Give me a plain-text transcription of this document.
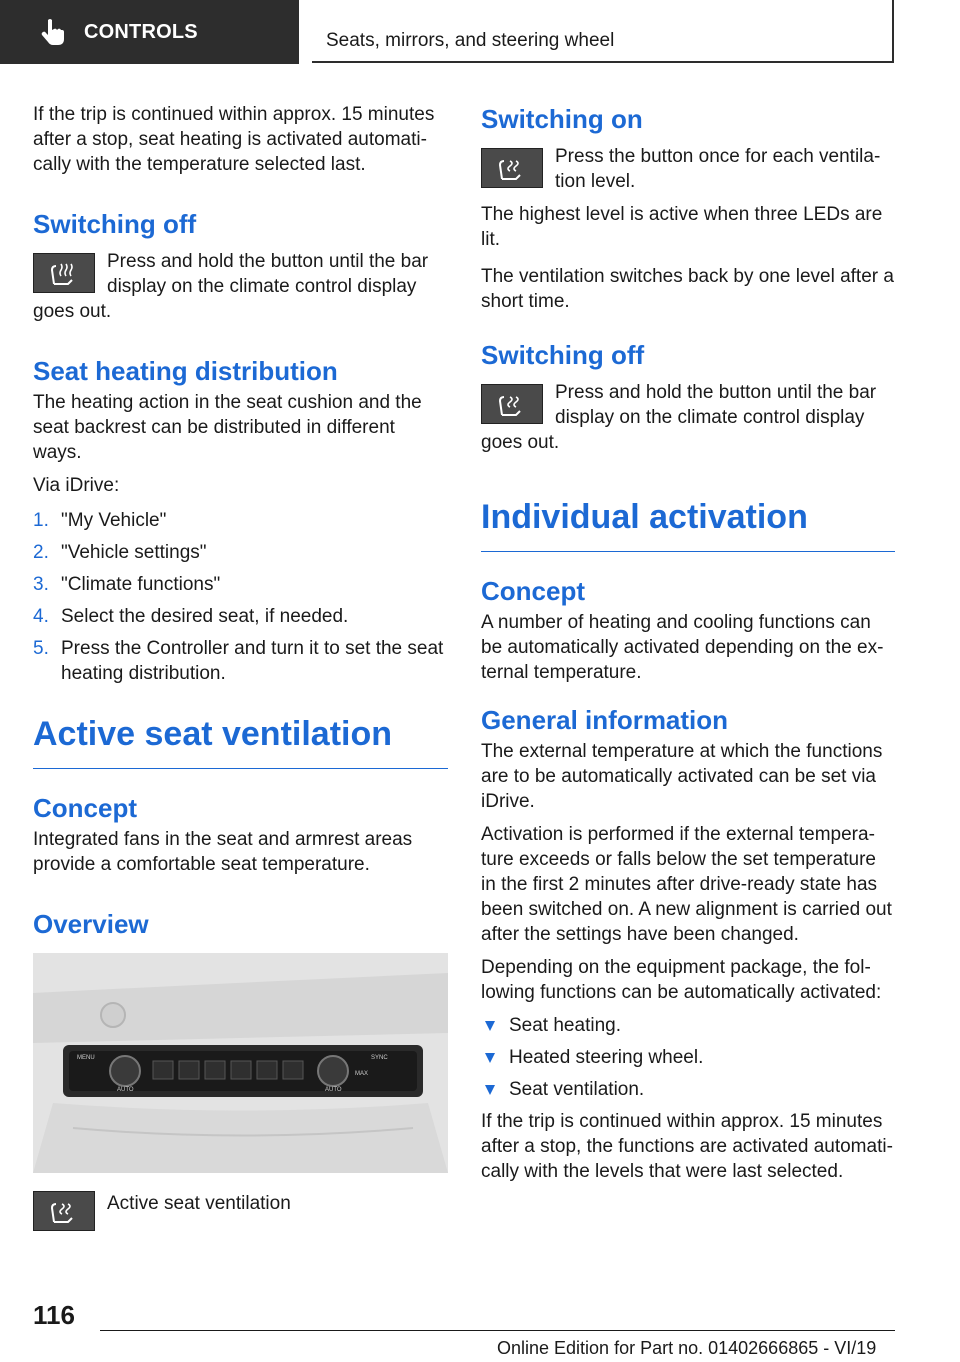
CONTROLS	Seats, mirrors, and steering wheel

If the trip is continued within approx. 15 minutes after a stop, seat heating is activated automati-cally with the temperature selected last.

Switching off

Press and hold the button until the bar display on the climate control display

goes out.

Seat heating distribution

The heating action in the seat cushion and the seat backrest can be distributed in different ways.

Via iDrive:

1. "My Vehicle"
2. "Vehicle settings"
3. "Climate functions"
4. Select the desired seat, if needed.
5. Press the Controller and turn it to set the seat heating distribution.
Active seat ventilation
Concept

Integrated fans in the seat and armrest areas provide a comfortable seat temperature.

Overview
MENU
AUTO
MAX
SYNC
AUTO

Active seat ventilation

Switching on

Press the button once for each ventila-tion level.

The highest level is active when three LEDs are lit.

The ventilation switches back by one level after a short time.

Switching off

Press and hold the button until the bar display on the climate control display

goes out.

Individual activation
Concept

A number of heating and cooling functions can be automatically activated depending on the ex-ternal temperature.

General information

The external temperature at which the functions are to be automatically activated can be set via iDrive.

Activation is performed if the external tempera-ture exceeds or falls below the set temperature in the first 2 minutes after drive-ready state has been switched on. A new alignment is carried out after the settings have been changed.

Depending on the equipment package, the fol-lowing functions can be automatically activated:

Seat heating.
Heated steering wheel.
Seat ventilation.

If the trip is continued within approx. 15 minutes after a stop, the functions are activated automati-cally with the levels that were last selected.

116
Online Edition for Part no. 01402666865 - VI/19
